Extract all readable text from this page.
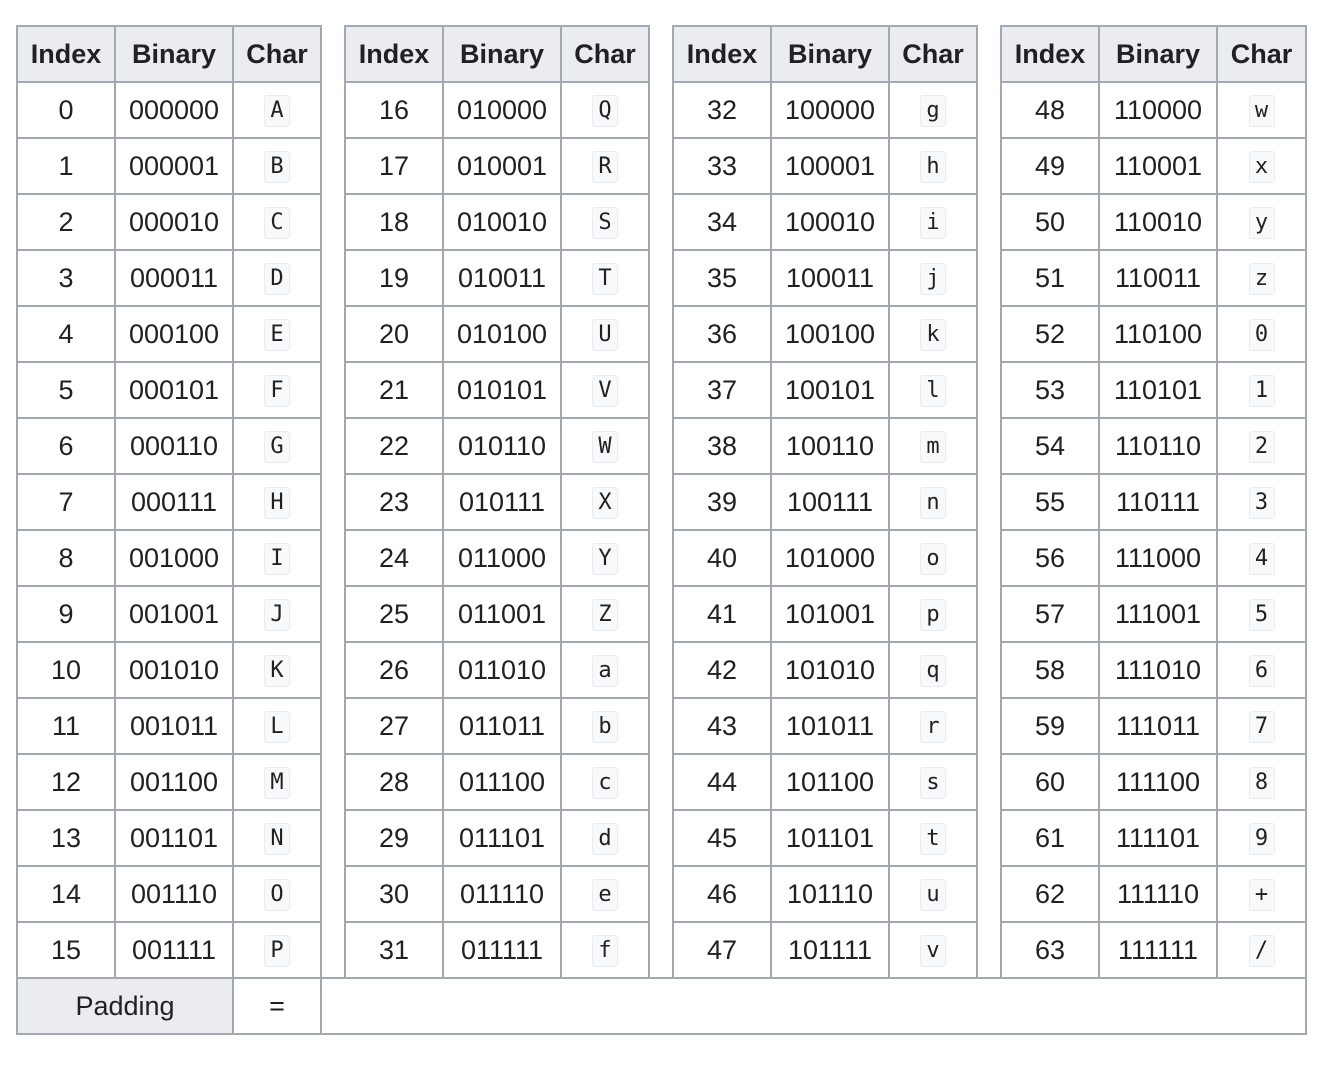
Index	Binary	Char		Index	Binary	Char		Index	Binary	Char		Index	Binary	Char
0	000000	A		16	010000	Q		32	100000	g		48	110000	w
1	000001	B		17	010001	R		33	100001	h		49	110001	x
2	000010	C		18	010010	S		34	100010	i		50	110010	y
3	000011	D		19	010011	T		35	100011	j		51	110011	z
4	000100	E		20	010100	U		36	100100	k		52	110100	0
5	000101	F		21	010101	V		37	100101	l		53	110101	1
6	000110	G		22	010110	W		38	100110	m		54	110110	2
7	000111	H		23	010111	X		39	100111	n		55	110111	3
8	001000	I		24	011000	Y		40	101000	o		56	111000	4
9	001001	J		25	011001	Z		41	101001	p		57	111001	5
10	001010	K		26	011010	a		42	101010	q		58	111010	6
11	001011	L		27	011011	b		43	101011	r		59	111011	7
12	001100	M		28	011100	c		44	101100	s		60	111100	8
13	001101	N		29	011101	d		45	101101	t		61	111101	9
14	001110	O		30	011110	e		46	101110	u		62	111110	+
15	001111	P		31	011111	f		47	101111	v		63	111111	/
Padding		=												
